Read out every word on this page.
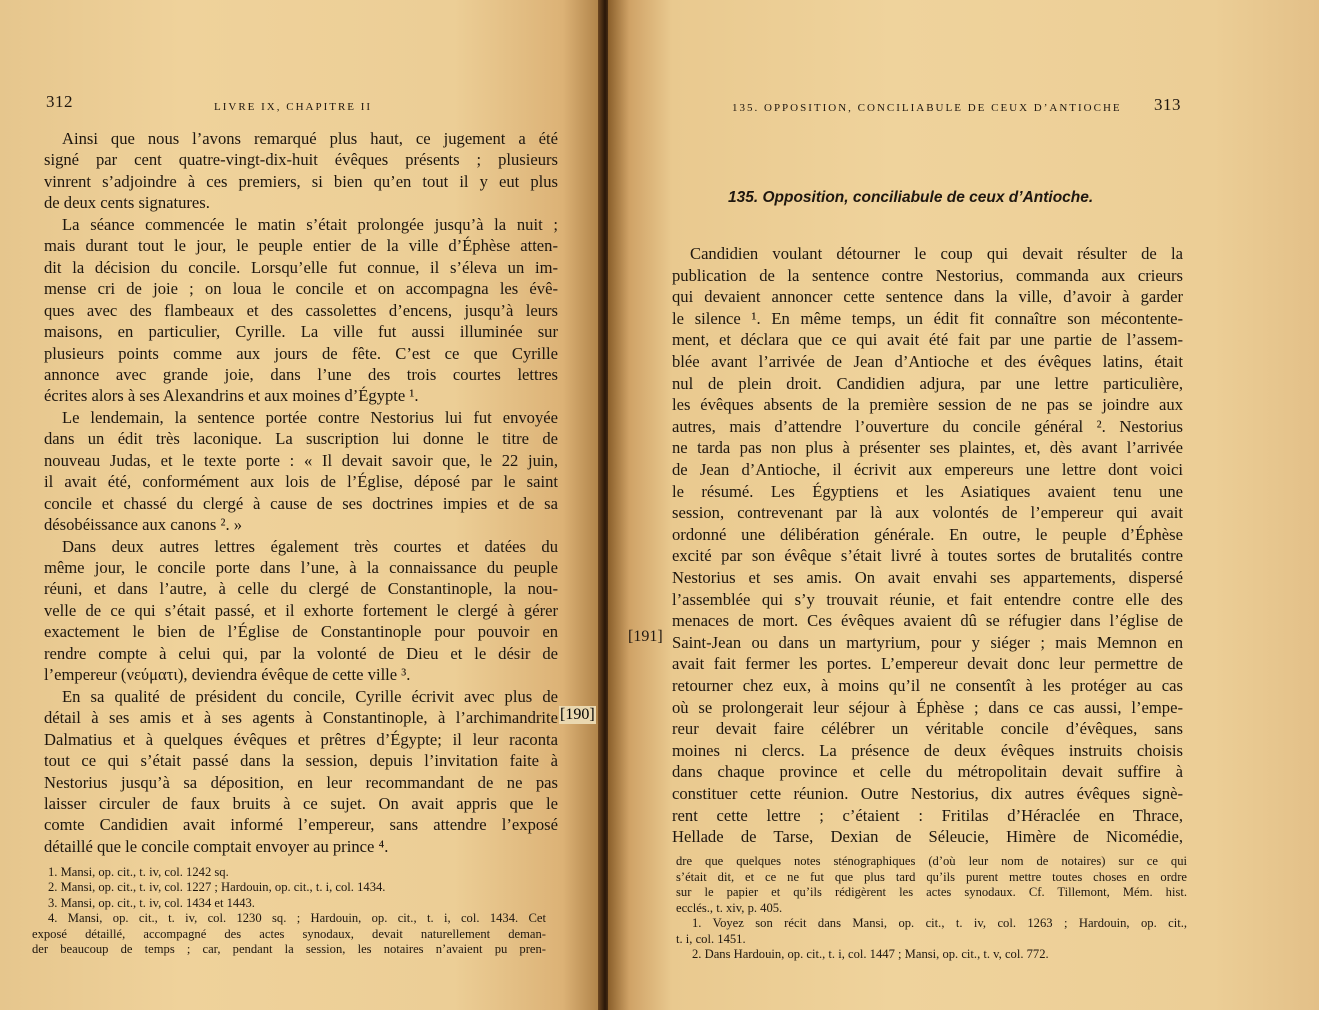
312	LIVRE IX, CHAPITRE II
Ainsi que nous l’avons remarqué plus haut, ce jugement a été
signé par cent quatre-vingt-dix-huit évêques présents ; plusieurs
vinrent s’adjoindre à ces premiers, si bien qu’en tout il y eut plus
de deux cents signatures.
La séance commencée le matin s’était prolongée jusqu’à la nuit ;
mais durant tout le jour, le peuple entier de la ville d’Éphèse atten-
dit la décision du concile. Lorsqu’elle fut connue, il s’éleva un im-
mense cri de joie ; on loua le concile et on accompagna les évê-
ques avec des flambeaux et des cassolettes d’encens, jusqu’à leurs
maisons, en particulier, Cyrille. La ville fut aussi illuminée sur
plusieurs points comme aux jours de fête. C’est ce que Cyrille
annonce avec grande joie, dans l’une des trois courtes lettres
écrites alors à ses Alexandrins et aux moines d’Égypte ¹.
Le lendemain, la sentence portée contre Nestorius lui fut envoyée
dans un édit très laconique. La suscription lui donne le titre de
nouveau Judas, et le texte porte : « Il devait savoir que, le 22 juin,
il avait été, conformément aux lois de l’Église, déposé par le saint
concile et chassé du clergé à cause de ses doctrines impies et de sa
désobéissance aux canons ². »
Dans deux autres lettres également très courtes et datées du
même jour, le concile porte dans l’une, à la connaissance du peuple
réuni, et dans l’autre, à celle du clergé de Constantinople, la nou-
velle de ce qui s’était passé, et il exhorte fortement le clergé à gérer
exactement le bien de l’Église de Constantinople pour pouvoir en
rendre compte à celui qui, par la volonté de Dieu et le désir de
l’empereur (νεύματι), deviendra évêque de cette ville ³.
En sa qualité de président du concile, Cyrille écrivit avec plus de
détail à ses amis et à ses agents à Constantinople, à l’archimandrite
Dalmatius et à quelques évêques et prêtres d’Égypte; il leur raconta
tout ce qui s’était passé dans la session, depuis l’invitation faite à
Nestorius jusqu’à sa déposition, en leur recommandant de ne pas
laisser circuler de faux bruits à ce sujet. On avait appris que le
comte Candidien avait informé l’empereur, sans attendre l’exposé
détaillé que le concile comptait envoyer au prince ⁴.
1. Mansi, op. cit., t. iv, col. 1242 sq.
2. Mansi, op. cit., t. iv, col. 1227 ; Hardouin, op. cit., t. i, col. 1434.
3. Mansi, op. cit., t. iv, col. 1434 et 1443.
4. Mansi, op. cit., t. iv, col. 1230 sq. ; Hardouin, op. cit., t. i, col. 1434. Cet
exposé détaillé, accompagné des actes synodaux, devait naturellement deman-
der beaucoup de temps ; car, pendant la session, les notaires n’avaient pu pren-
[190]
135. OPPOSITION, CONCILIABULE DE CEUX D’ANTIOCHE 313
135. Opposition, conciliabule de ceux d’Antioche.
[191]
Candidien voulant détourner le coup qui devait résulter de la
publication de la sentence contre Nestorius, commanda aux crieurs
qui devaient annoncer cette sentence dans la ville, d’avoir à garder
le silence ¹. En même temps, un édit fit connaître son mécontente-
ment, et déclara que ce qui avait été fait par une partie de l’assem-
blée avant l’arrivée de Jean d’Antioche et des évêques latins, était
nul de plein droit. Candidien adjura, par une lettre particulière,
les évêques absents de la première session de ne pas se joindre aux
autres, mais d’attendre l’ouverture du concile général ². Nestorius
ne tarda pas non plus à présenter ses plaintes, et, dès avant l’arrivée
de Jean d’Antioche, il écrivit aux empereurs une lettre dont voici
le résumé. Les Égyptiens et les Asiatiques avaient tenu une
session, contrevenant par là aux volontés de l’empereur qui avait
ordonné une délibération générale. En outre, le peuple d’Éphèse
excité par son évêque s’était livré à toutes sortes de brutalités contre
Nestorius et ses amis. On avait envahi ses appartements, dispersé
l’assemblée qui s’y trouvait réunie, et fait entendre contre elle des
menaces de mort. Ces évêques avaient dû se réfugier dans l’église de
Saint-Jean ou dans un martyrium, pour y siéger ; mais Memnon en
avait fait fermer les portes. L’empereur devait donc leur permettre de
retourner chez eux, à moins qu’il ne consentît à les protéger au cas
où se prolongerait leur séjour à Éphèse ; dans ce cas aussi, l’empe-
reur devait faire célébrer un véritable concile d’évêques, sans
moines ni clercs. La présence de deux évêques instruits choisis
dans chaque province et celle du métropolitain devait suffire à
constituer cette réunion. Outre Nestorius, dix autres évêques signè-
rent cette lettre ; c’étaient : Fritilas d’Héraclée en Thrace,
Hellade de Tarse, Dexian de Séleucie, Himère de Nicomédie,
dre que quelques notes sténographiques (d’où leur nom de notaires) sur ce qui
s’était dit, et ce ne fut que plus tard qu’ils purent mettre toutes choses en ordre
sur le papier et qu’ils rédigèrent les actes synodaux. Cf. Tillemont, Mém. hist.
ecclés., t. xiv, p. 405.
1. Voyez son récit dans Mansi, op. cit., t. iv, col. 1263 ; Hardouin, op. cit.,
t. i, col. 1451.
2. Dans Hardouin, op. cit., t. i, col. 1447 ; Mansi, op. cit., t. v, col. 772.
